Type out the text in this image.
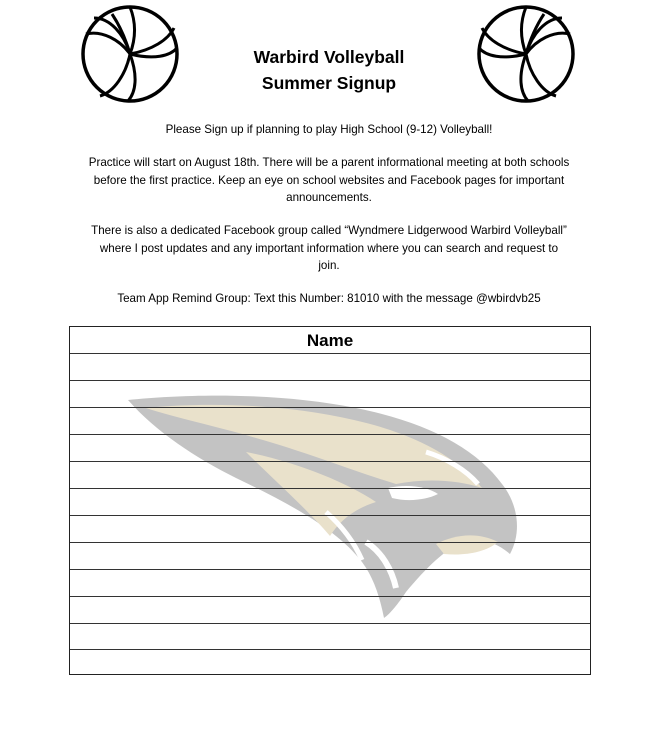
Warbird Volleyball
Summer Signup
Please Sign up if planning to play High School (9-12) Volleyball!
Practice will start on August 18th. There will be a parent informational meeting at both schools
before the first practice. Keep an eye on school websites and Facebook pages for important
announcements.
There is also a dedicated Facebook group called “Wyndmere Lidgerwood Warbird Volleyball”
where I post updates and any important information where you can search and request to
join.
Team App Remind Group: Text this Number: 81010 with the message @wbirdvb25
Name
